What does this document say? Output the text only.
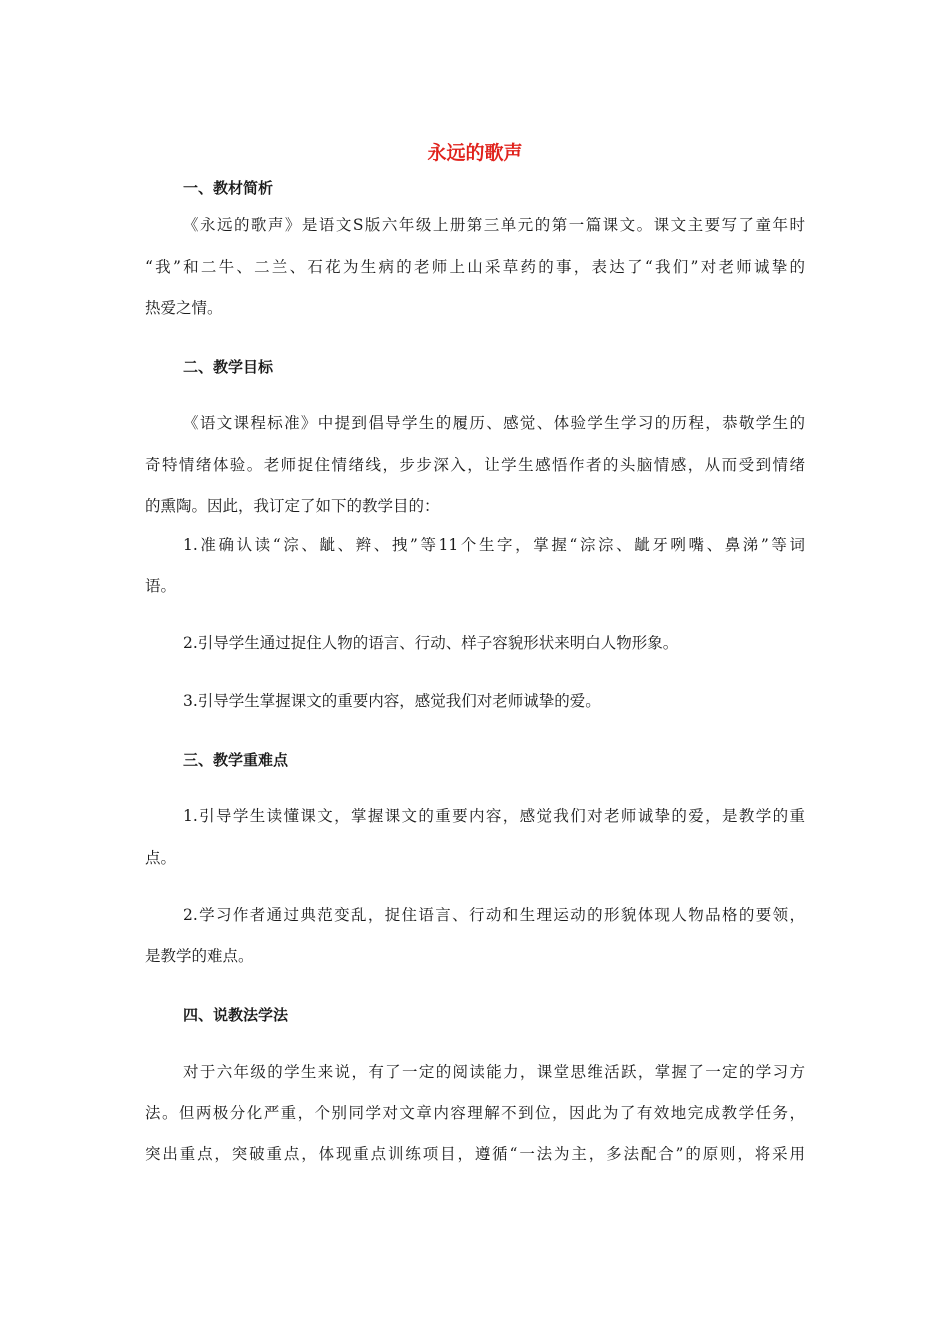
永远的歌声
一、教材简析
《永远的歌声》是语文S版六年级上册第三单元的第一篇课文。课文主要写了童年时
“我”和二牛、二兰、石花为生病的老师上山采草药的事，表达了“我们”对老师诚挚的
热爱之情。
二、教学目标
《语文课程标准》中提到倡导学生的履历、感觉、体验学生学习的历程，恭敬学生的
奇特情绪体验。老师捉住情绪线，步步深入，让学生感悟作者的头脑情感，从而受到情绪
的熏陶。因此，我订定了如下的教学目的：
1.准确认读“淙、龇、辫、拽”等11个生字，掌握“淙淙、龇牙咧嘴、鼻涕”等词
语。
2.引导学生通过捉住人物的语言、行动、样子容貌形状来明白人物形象。
3.引导学生掌握课文的重要内容，感觉我们对老师诚挚的爱。
三、教学重难点
1.引导学生读懂课文，掌握课文的重要内容，感觉我们对老师诚挚的爱，是教学的重
点。
2.学习作者通过典范变乱，捉住语言、行动和生理运动的形貌体现人物品格的要领，
是教学的难点。
四、说教法学法
对于六年级的学生来说，有了一定的阅读能力，课堂思维活跃，掌握了一定的学习方
法。但两极分化严重，个别同学对文章内容理解不到位，因此为了有效地完成教学任务，
突出重点，突破重点，体现重点训练项目，遵循“一法为主，多法配合”的原则，将采用
